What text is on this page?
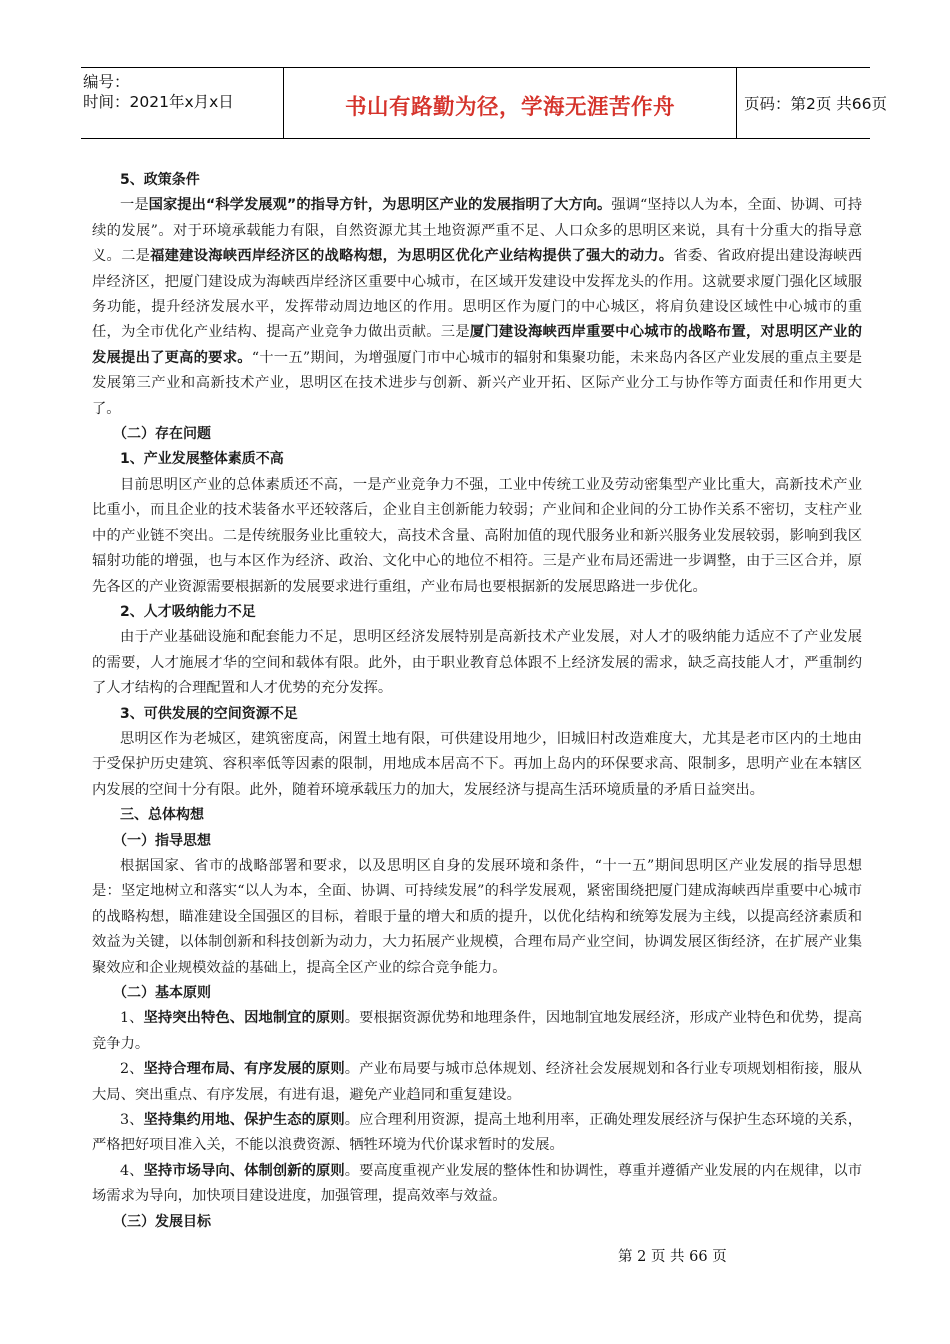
编号：
时间：2021年x月x日	书山有路勤为径，学海无涯苦作舟	页码：第2页 共66页

5、政策条件

一是国家提出“科学发展观”的指导方针，为思明区产业的发展指明了大方向。强调“坚持以人为本，全面、协调、可持续的发展”。对于环境承载能力有限，自然资源尤其土地资源严重不足、人口众多的思明区来说，具有十分重大的指导意义。二是福建建设海峡西岸经济区的战略构想，为思明区优化产业结构提供了强大的动力。省委、省政府提出建设海峡西岸经济区，把厦门建设成为海峡西岸经济区重要中心城市，在区域开发建设中发挥龙头的作用。这就要求厦门强化区域服务功能，提升经济发展水平，发挥带动周边地区的作用。思明区作为厦门的中心城区，将肩负建设区域性中心城市的重任，为全市优化产业结构、提高产业竞争力做出贡献。三是厦门建设海峡西岸重要中心城市的战略布置，对思明区产业的发展提出了更高的要求。“十一五”期间，为增强厦门市中心城市的辐射和集聚功能，未来岛内各区产业发展的重点主要是发展第三产业和高新技术产业，思明区在技术进步与创新、新兴产业开拓、区际产业分工与协作等方面责任和作用更大了。

（二）存在问题

1、产业发展整体素质不高

目前思明区产业的总体素质还不高，一是产业竞争力不强，工业中传统工业及劳动密集型产业比重大，高新技术产业比重小，而且企业的技术装备水平还较落后，企业自主创新能力较弱；产业间和企业间的分工协作关系不密切，支柱产业中的产业链不突出。二是传统服务业比重较大，高技术含量、高附加值的现代服务业和新兴服务业发展较弱，影响到我区辐射功能的增强，也与本区作为经济、政治、文化中心的地位不相符。三是产业布局还需进一步调整，由于三区合并，原先各区的产业资源需要根据新的发展要求进行重组，产业布局也要根据新的发展思路进一步优化。

2、人才吸纳能力不足

由于产业基础设施和配套能力不足，思明区经济发展特别是高新技术产业发展，对人才的吸纳能力适应不了产业发展的需要，人才施展才华的空间和载体有限。此外，由于职业教育总体跟不上经济发展的需求，缺乏高技能人才，严重制约了人才结构的合理配置和人才优势的充分发挥。

3、可供发展的空间资源不足

思明区作为老城区，建筑密度高，闲置土地有限，可供建设用地少，旧城旧村改造难度大，尤其是老市区内的土地由于受保护历史建筑、容积率低等因素的限制，用地成本居高不下。再加上岛内的环保要求高、限制多，思明产业在本辖区内发展的空间十分有限。此外，随着环境承载压力的加大，发展经济与提高生活环境质量的矛盾日益突出。

三、总体构想

（一）指导思想

根据国家、省市的战略部署和要求，以及思明区自身的发展环境和条件，“十一五”期间思明区产业发展的指导思想是：坚定地树立和落实“以人为本，全面、协调、可持续发展”的科学发展观，紧密围绕把厦门建成海峡西岸重要中心城市的战略构想，瞄准建设全国强区的目标，着眼于量的增大和质的提升，以优化结构和统筹发展为主线，以提高经济素质和效益为关键，以体制创新和科技创新为动力，大力拓展产业规模，合理布局产业空间，协调发展区街经济，在扩展产业集聚效应和企业规模效益的基础上，提高全区产业的综合竞争能力。

（二）基本原则

1、坚持突出特色、因地制宜的原则。要根据资源优势和地理条件，因地制宜地发展经济，形成产业特色和优势，提高竞争力。

2、坚持合理布局、有序发展的原则。产业布局要与城市总体规划、经济社会发展规划和各行业专项规划相衔接，服从大局、突出重点、有序发展，有进有退，避免产业趋同和重复建设。

3、坚持集约用地、保护生态的原则。应合理利用资源，提高土地利用率，正确处理发展经济与保护生态环境的关系，严格把好项目准入关，不能以浪费资源、牺牲环境为代价谋求暂时的发展。

4、坚持市场导向、体制创新的原则。要高度重视产业发展的整体性和协调性，尊重并遵循产业发展的内在规律，以市场需求为导向，加快项目建设进度，加强管理，提高效率与效益。

（三）发展目标

第 2 页 共 66 页
